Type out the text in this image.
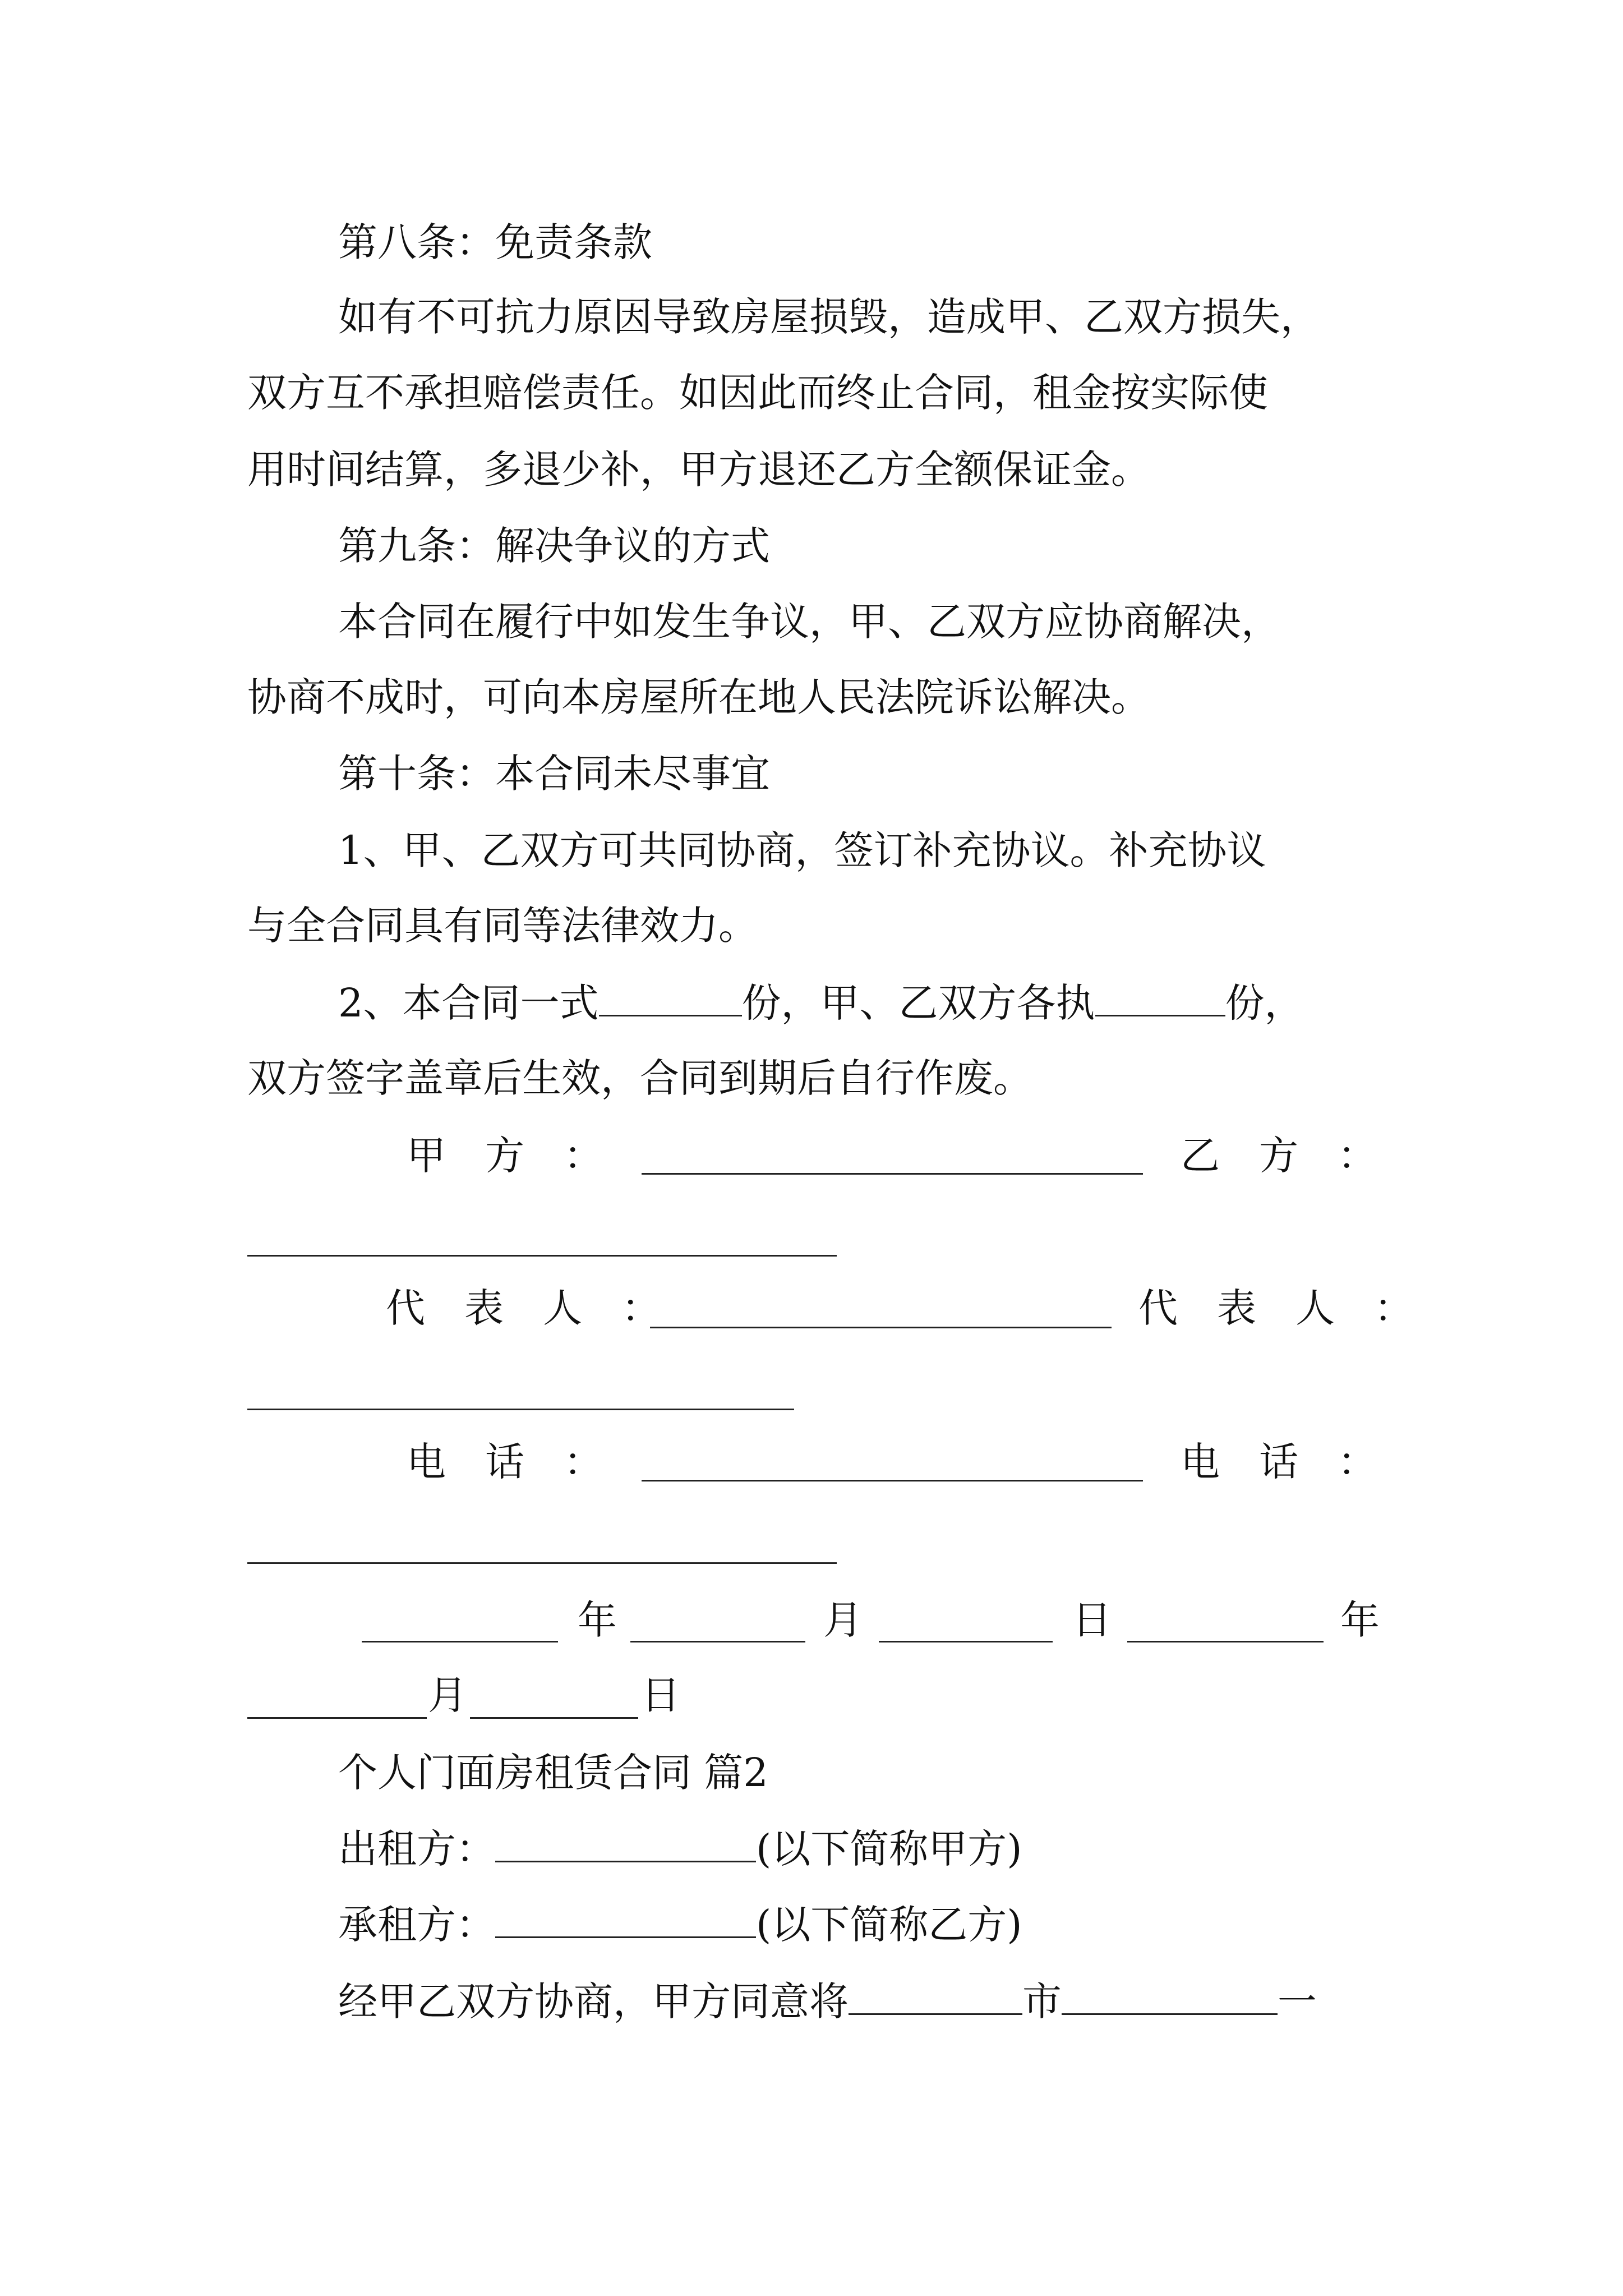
第八条：免责条款
如有不可抗力原因导致房屋损毁，造成甲、乙双方损失，
双方互不承担赔偿责任。如因此而终止合同，租金按实际使
用时间结算，多退少补，甲方退还乙方全额保证金。
第九条：解决争议的方式
本合同在履行中如发生争议，甲、乙双方应协商解决，
协商不成时，可向本房屋所在地人民法院诉讼解决。
第十条：本合同未尽事宜
1、甲、乙双方可共同协商，签订补充协议。补充协议
与全合同具有同等法律效力。
2、本合同一式	份，甲、乙双方各执	份，
双方签字盖章后生效，合同到期后自行作废。
甲　方　：	乙　方　：
代　表　人　：	代　表　人　：
电　话　：	电　话　：
年	月	日	年
月	日
个人门面房租赁合同 篇2
出租方：	(以下简称甲方)
承租方：	(以下简称乙方)
经甲乙双方协商，甲方同意将	市	一
